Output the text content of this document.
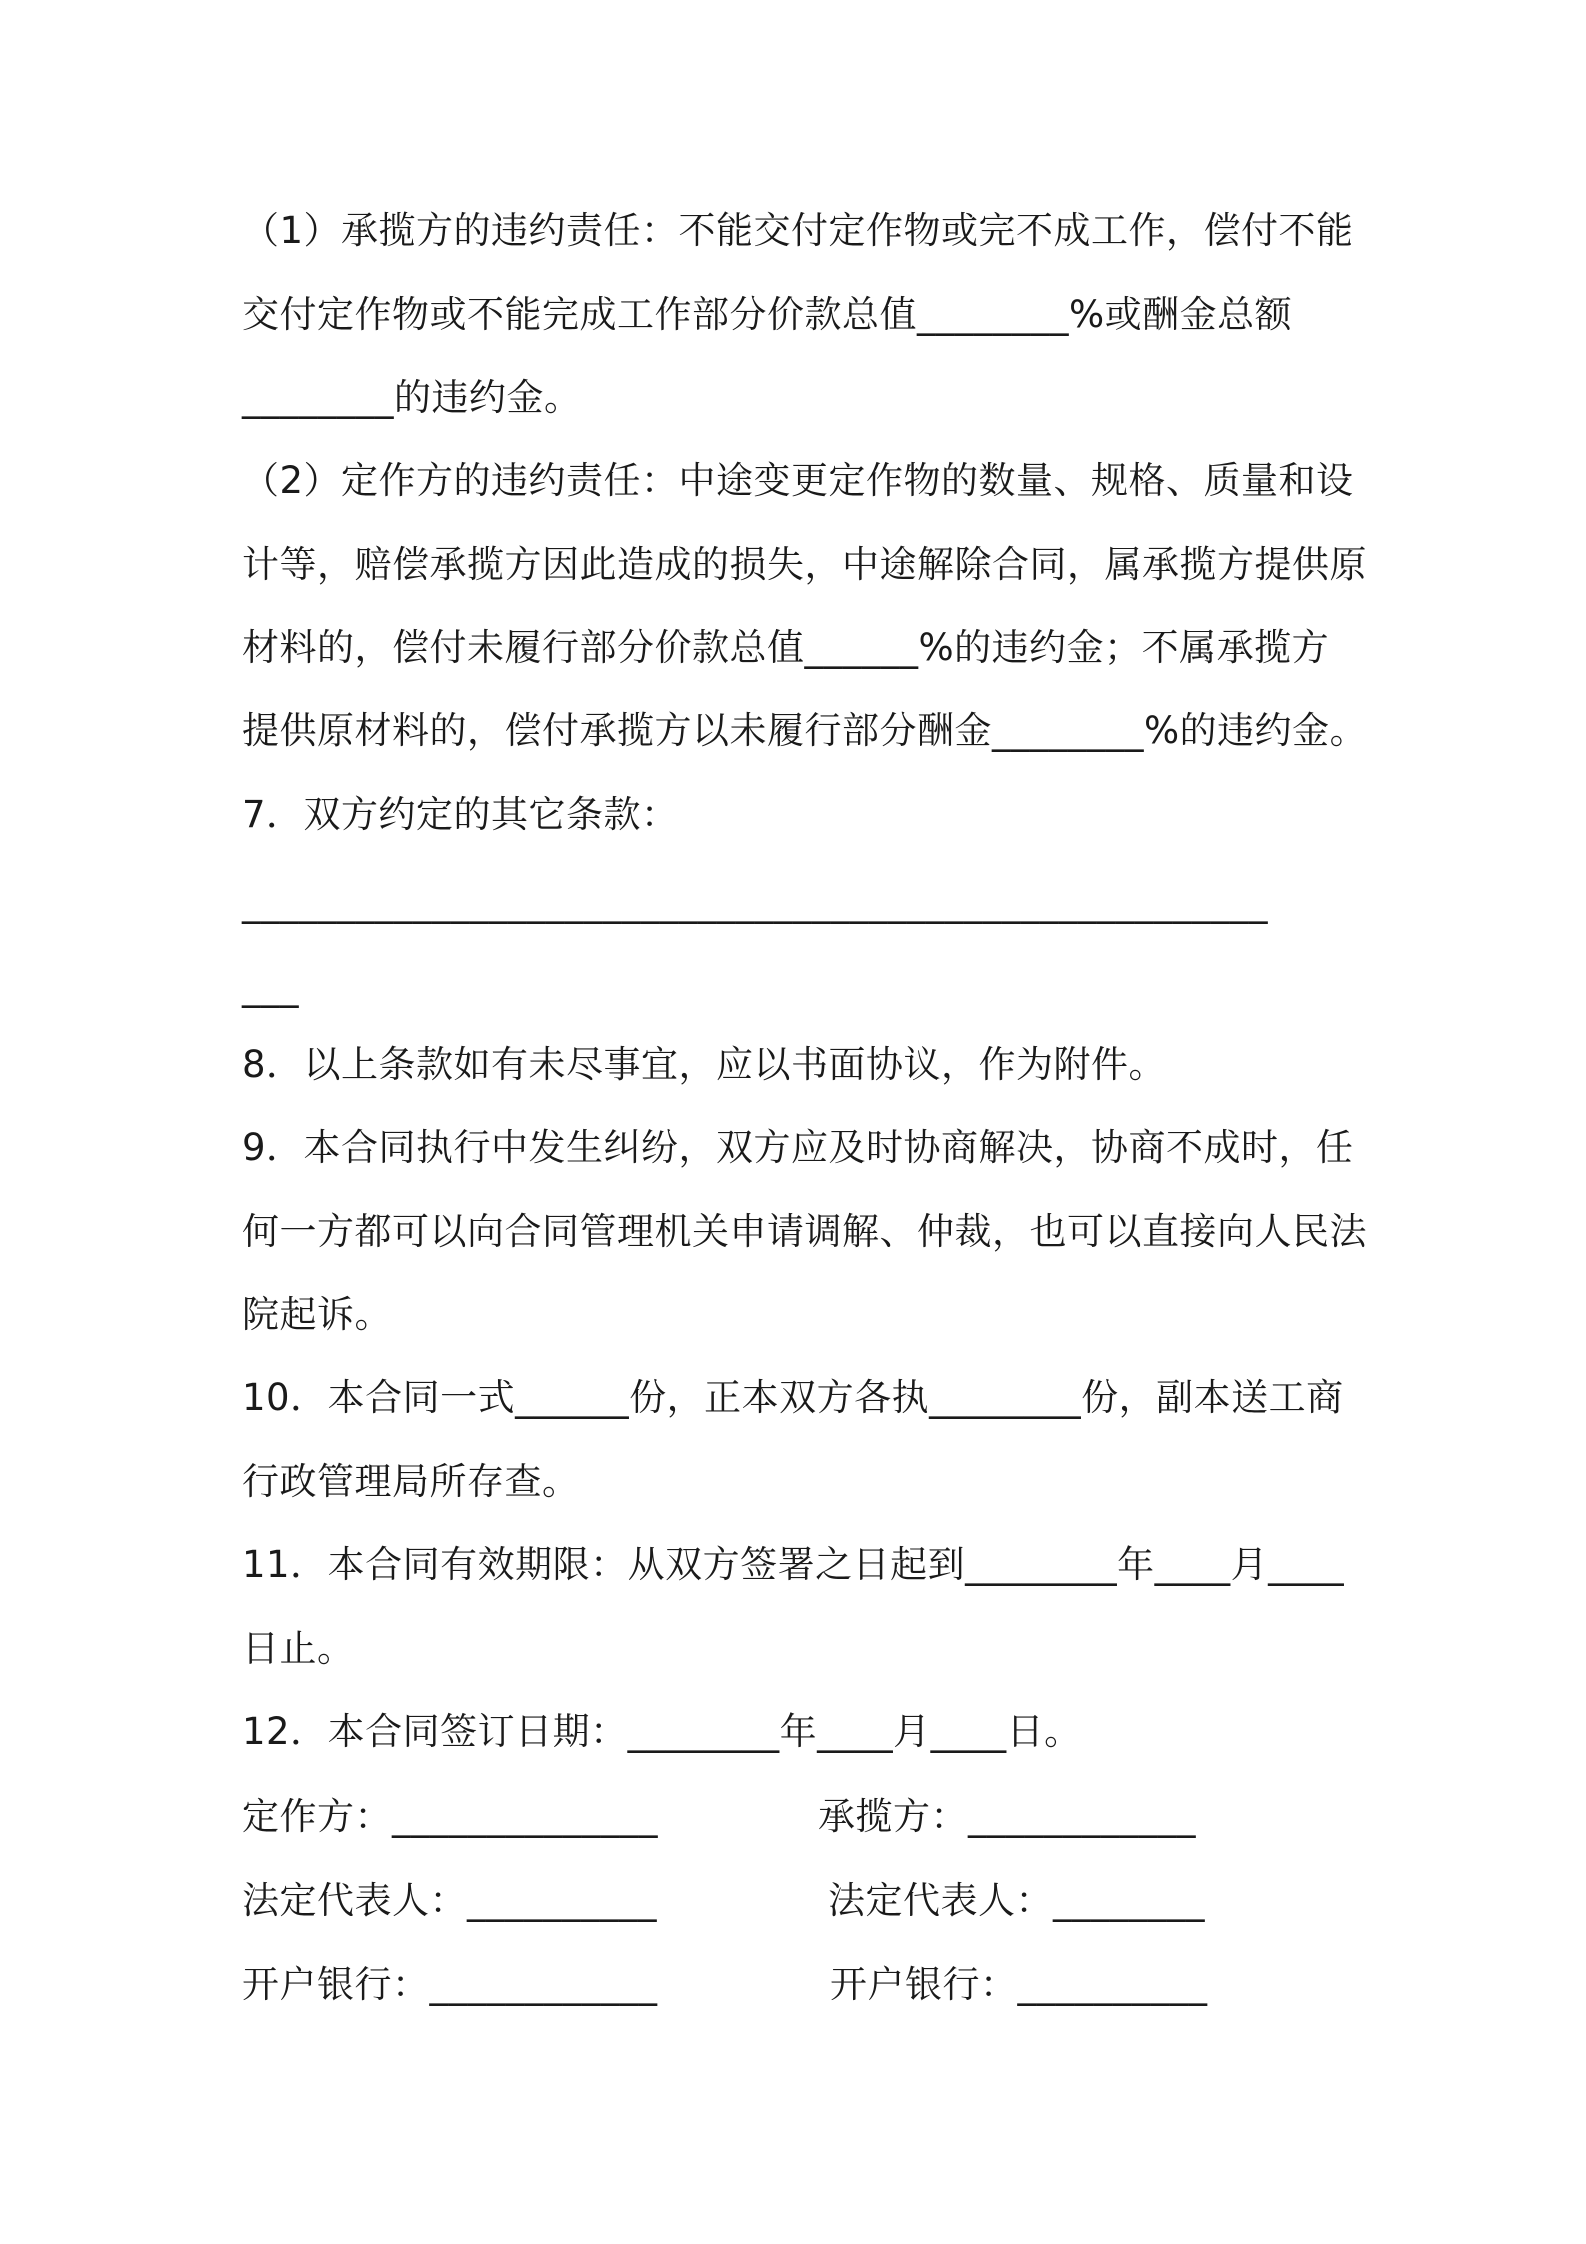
（1）承揽方的违约责任：不能交付定作物或完不成工作，偿付不能
交付定作物或不能完成工作部分价款总值________%或酬金总额
________的违约金。
（2）定作方的违约责任：中途变更定作物的数量、规格、质量和设
计等，赔偿承揽方因此造成的损失，中途解除合同，属承揽方提供原
材料的，偿付未履行部分价款总值______%的违约金；不属承揽方
提供原材料的，偿付承揽方以未履行部分酬金________%的违约金。
7．双方约定的其它条款：
______________________________________________________
___
8．以上条款如有未尽事宜，应以书面协议，作为附件。
9．本合同执行中发生纠纷，双方应及时协商解决，协商不成时，任
何一方都可以向合同管理机关申请调解、仲裁，也可以直接向人民法
院起诉。
10．本合同一式______份，正本双方各执________份，副本送工商
行政管理局所存查。
11．本合同有效期限：从双方签署之日起到________年____月____
日止。
12．本合同签订日期：________年____月____日。
定作方：______________	承揽方：____________
法定代表人：__________	法定代表人：________
开户银行：____________	开户银行：__________
